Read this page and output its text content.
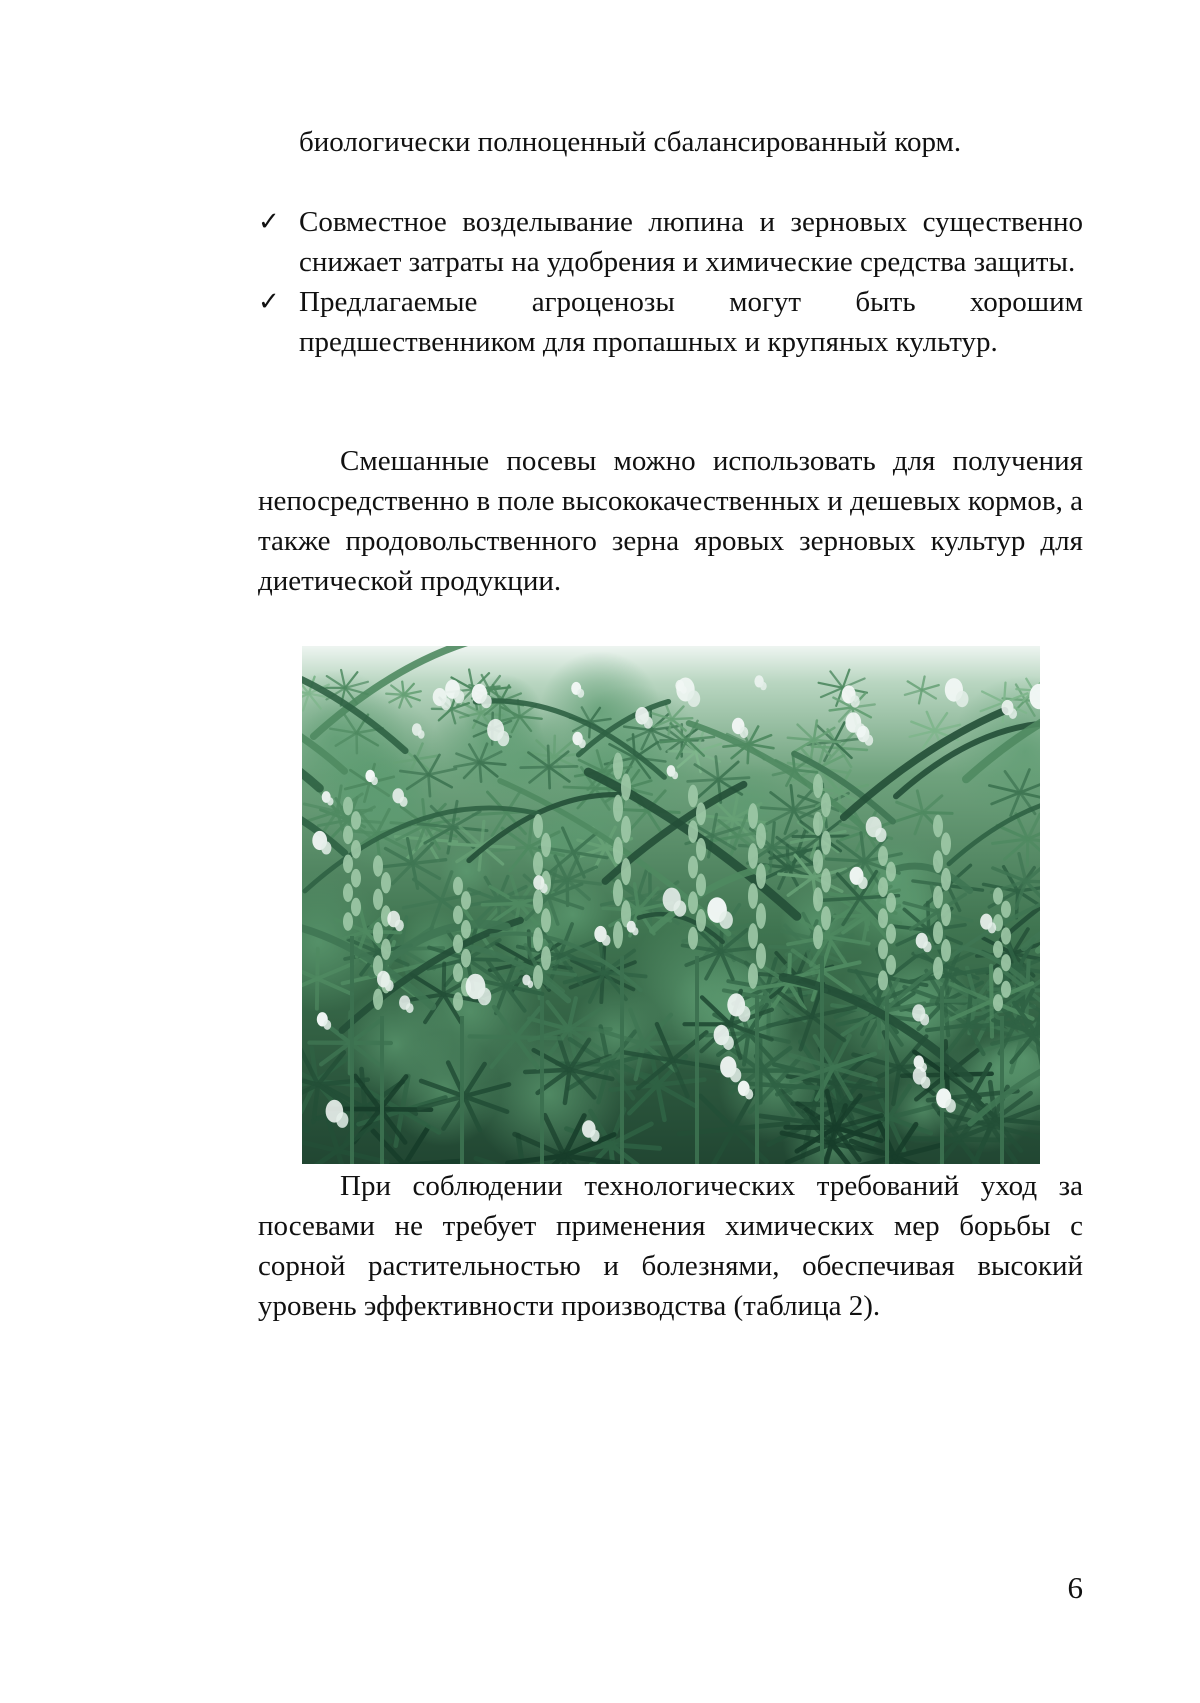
биологически полноценный сбалансированный корм.
✓ Совместное возделывание люпина и зерновых существенно снижает затраты на удобрения и химические средства защиты.
✓ Предлагаемые агроценозы могут быть хорошим предшественником для пропашных и крупяных культур.

Смешанные посевы можно использовать для получения непосредственно в поле высококачественных и дешевых кормов, а также продовольственного зерна яровых зерновых культур для диетической продукции.

При соблюдении технологических требований уход за посевами не требует применения химических мер борьбы с сорной растительностью и болезнями, обеспечивая высокий уровень эффективности производства (таблица 2).

6
